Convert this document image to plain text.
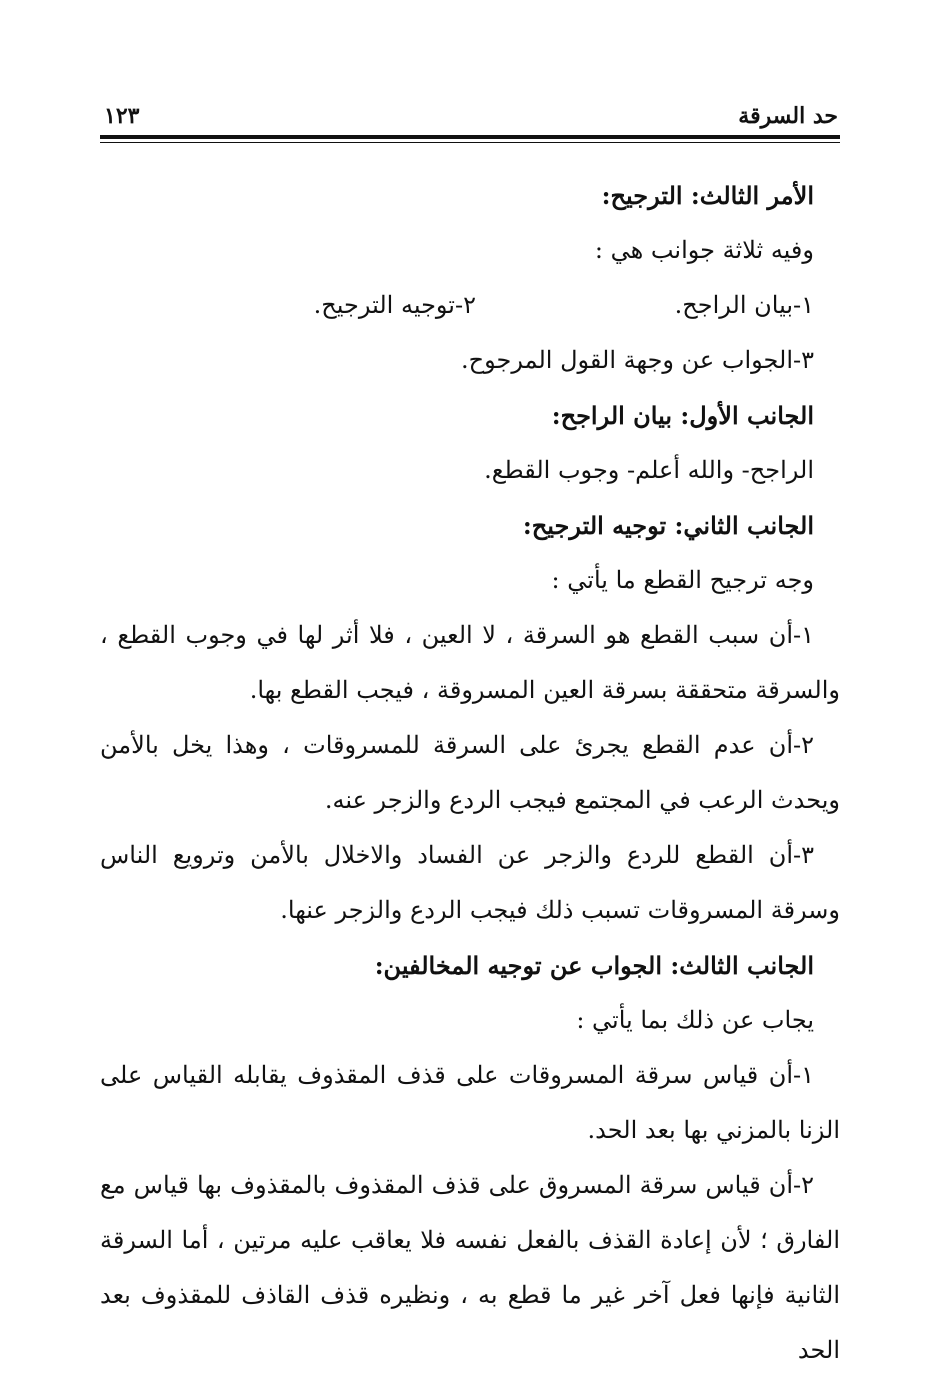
حد السرقة
١٢٣

الأمر الثالث: الترجيح:

وفيه ثلاثة جوانب هي :

١-بيان الراجح.
٢-توجيه الترجيح.

٣-الجواب عن وجهة القول المرجوح.

الجانب الأول: بيان الراجح:

الراجح- والله أعلم- وجوب القطع.

الجانب الثاني: توجيه الترجيح:

وجه ترجيح القطع ما يأتي :

١-أن سبب القطع هو السرقة ، لا العين ، فلا أثر لها في وجوب القطع ، والسرقة متحققة بسرقة العين المسروقة ، فيجب القطع بها.

٢-أن عدم القطع يجرئ على السرقة للمسروقات ، وهذا يخل بالأمن ويحدث الرعب في المجتمع فيجب الردع والزجر عنه.

٣-أن القطع للردع والزجر عن الفساد والاخلال بالأمن وترويع الناس وسرقة المسروقات تسبب ذلك فيجب الردع والزجر عنها.

الجانب الثالث: الجواب عن توجيه المخالفين:

يجاب عن ذلك بما يأتي :

١-أن قياس سرقة المسروقات على قذف المقذوف يقابله القياس على الزنا بالمزني بها بعد الحد.

٢-أن قياس سرقة المسروق على قذف المقذوف بالمقذوف بها قياس مع الفارق ؛ لأن إعادة القذف بالفعل نفسه فلا يعاقب عليه مرتين ، أما السرقة الثانية فإنها فعل آخر غير ما قطع به ، ونظيره قذف القاذف للمقذوف بعد الحد
